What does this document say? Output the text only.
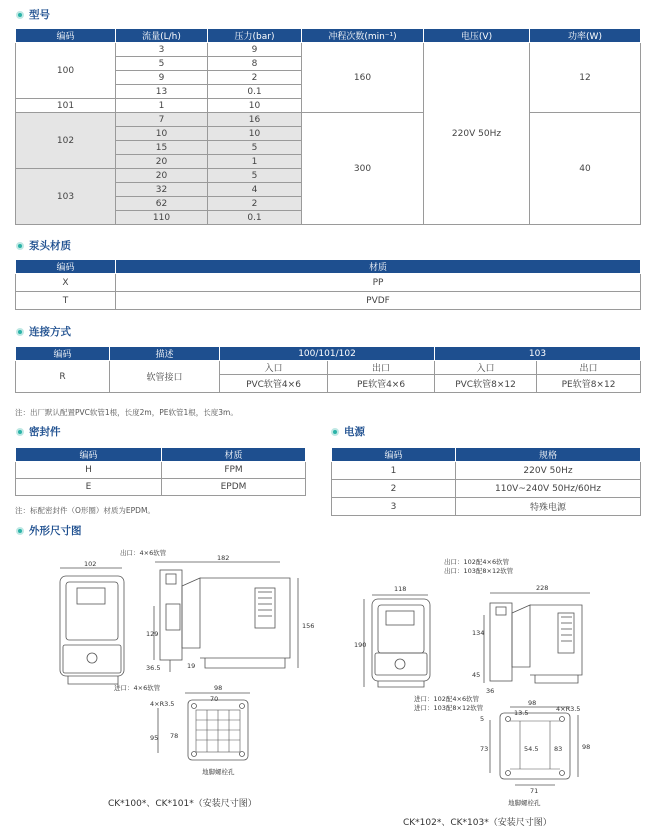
型号
编码	流量(L/h)	压力(bar)	冲程次数(min⁻¹)	电压(V)	功率(W)
100	3	9	160	220V 50Hz	12
	5	8			
	9	2			
	13	0.1			
101	1	10			
102	7	16	300		40
	10	10			
	15	5			
	20	1			
103	20	5			
	32	4			
	62	2			
	110	0.1			
泵头材质
编码	材质
X	PP
T	PVDF
连接方式
编码	描述	100/101/102		103	
R	软管接口	入口	出口	入口	出口
		PVC软管4×6	PE软管4×6	PVC软管8×12	PE软管8×12
注：出厂默认配置PVC软管1根，长度2m，PE软管1根，长度3m。
密封件
编码	材质
H	FPM
E	EPDM
注：标配密封件（O形圈）材质为EPDM。
电源
编码	规格
1	220V 50Hz
2	110V~240V 50Hz/60Hz
3	特殊电源
外形尺寸图
102
182
156
129
36.5	19
98
70
4×R3.5
95 78
出口：4×6软管
进口：4×6软管
地脚螺栓孔
CK*100*、CK*101*（安装尺寸图）
118	228
190
134
45
36
98
4×R3.5
5
13.5
73	54.5 83	98
71
出口：102配4×6软管
出口：103配8×12软管
进口：102配4×6软管
进口：103配8×12软管
地脚螺栓孔
CK*102*、CK*103*（安装尺寸图）
